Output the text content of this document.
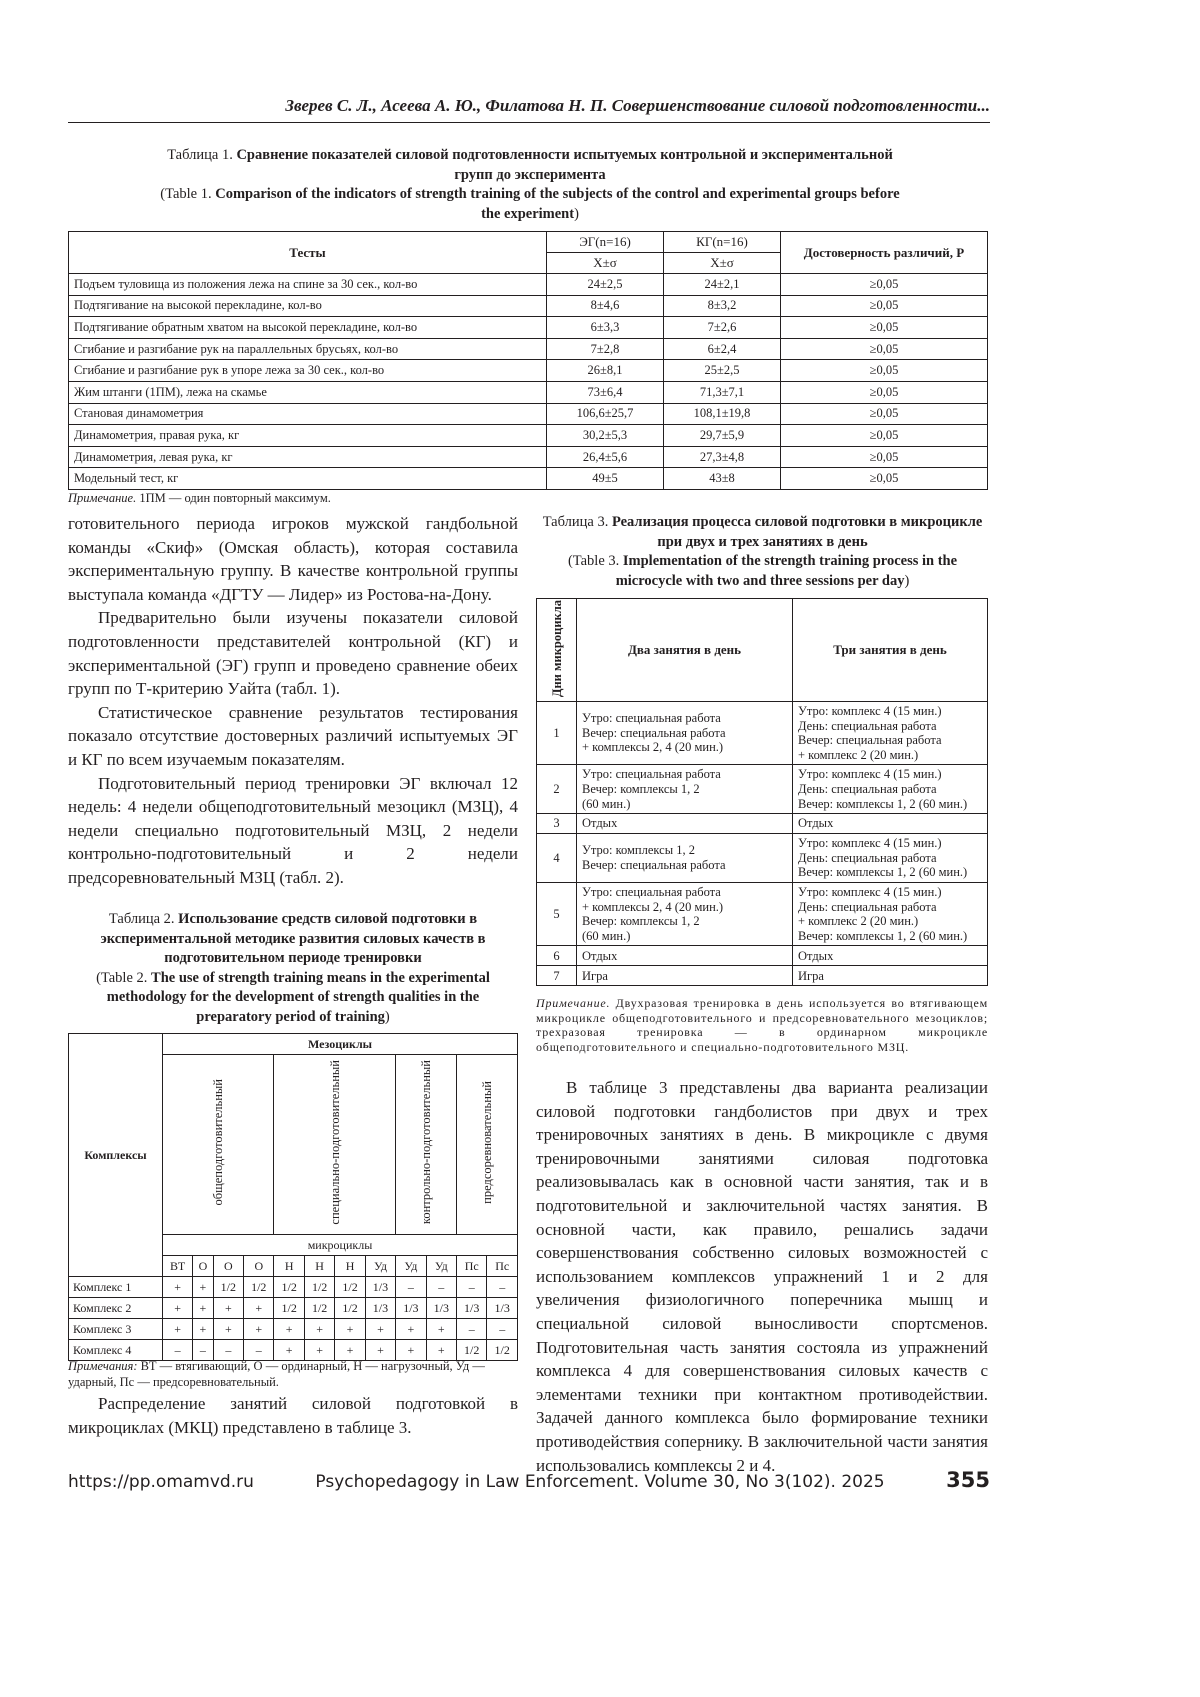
Зверев С. Л., Асеева А. Ю., Филатова Н. П. Совершенствование силовой подготовленности...
Таблица 1. Сравнение показателей силовой подготовленности испытуемых контрольной и экспериментальной групп до эксперимента
(Table 1. Comparison of the indicators of strength training of the subjects of the control and experimental groups before the experiment)
Тесты	ЭГ(n=16)	КГ(n=16)	Достоверность различий, Р
X±σ	X±σ
Подъем туловища из положения лежа на спине за 30 сек., кол-во	24±2,5	24±2,1	≥0,05
Подтягивание на высокой перекладине, кол-во	8±4,6	8±3,2	≥0,05
Подтягивание обратным хватом на высокой перекладине, кол-во	6±3,3	7±2,6	≥0,05
Сгибание и разгибание рук на параллельных брусьях, кол-во	7±2,8	6±2,4	≥0,05
Сгибание и разгибание рук в упоре лежа за 30 сек., кол-во	26±8,1	25±2,5	≥0,05
Жим штанги (1ПМ), лежа на скамье	73±6,4	71,3±7,1	≥0,05
Становая динамометрия	106,6±25,7	108,1±19,8	≥0,05
Динамометрия, правая рука, кг	30,2±5,3	29,7±5,9	≥0,05
Динамометрия, левая рука, кг	26,4±5,6	27,3±4,8	≥0,05
Модельный тест, кг	49±5	43±8	≥0,05
Примечание. 1ПМ — один повторный максимум.

готовительного периода игроков мужской гандбольной команды «Скиф» (Омская область), которая составила экспериментальную группу. В качестве контрольной группы выступала команда «ДГТУ — Лидер» из Ростова-на-Дону.

Предварительно были изучены показатели силовой подготовленности представителей контрольной (КГ) и экспериментальной (ЭГ) групп и проведено сравнение обеих групп по Т-критерию Уайта (табл. 1).

Статистическое сравнение результатов тестирования показало отсутствие достоверных различий испытуемых ЭГ и КГ по всем изучаемым показателям.

Подготовительный период тренировки ЭГ включал 12 недель: 4 недели общеподготовительный мезоцикл (МЗЦ), 4 недели специально подготовительный МЗЦ, 2 недели контрольно-подготовительный и 2 недели предсоревновательный МЗЦ (табл. 2).

Таблица 2. Использование средств силовой подготовки в экспериментальной методике развития силовых качеств в подготовительном периоде тренировки
(Table 2. The use of strength training means in the experimental methodology for the development of strength qualities in the preparatory period of training)
Комплексы	Мезоциклы
общеподготовительный	специально-подготовительный	контрольно-подготовительный	предсоревновательный
микроциклы
ВТ	О	О	О	Н	Н	Н	Уд	Уд	Уд	Пс	Пс
Комплекс 1	+	+	1/2	1/2	1/2	1/2	1/2	1/3	–	–	–	–
Комплекс 2	+	+	+	+	1/2	1/2	1/2	1/3	1/3	1/3	1/3	1/3
Комплекс 3	+	+	+	+	+	+	+	+	+	+	–	–
Комплекс 4	–	–	–	–	+	+	+	+	+	+	1/2	1/2
Примечания: ВТ — втягивающий, О — ординарный, Н — нагрузочный, Уд —ударный, Пс — предсоревновательный.
Распределение занятий силовой подготовкой в микроциклах (МКЦ) представлено в таблице 3.
Таблица 3. Реализация процесса силовой подготовки в микроцикле при двух и трех занятиях в день
(Table 3. Implementation of the strength training process in the microcycle with two and three sessions per day)
Дни микроцикла	Два занятия в день	Три занятия в день
1	
Утро: специальная работа
Вечер: специальная работа
+ комплексы 2, 4 (20 мин.)

Утро: комплекс 4 (15 мин.)
День: специальная работа
Вечер: специальная работа
+ комплекс 2 (20 мин.)

2	
Утро: специальная работа
Вечер: комплексы 1, 2
(60 мин.)

Утро: комплекс 4 (15 мин.)
День: специальная работа
Вечер: комплексы 1, 2 (60 мин.)

3	Отдых	Отдых

4	
Утро: комплексы 1, 2
Вечер: специальная работа

Утро: комплекс 4 (15 мин.)
День: специальная работа
Вечер: комплексы 1, 2 (60 мин.)

5	
Утро: специальная работа
+ комплексы 2, 4 (20 мин.)
Вечер: комплексы 1, 2
(60 мин.)

Утро: комплекс 4 (15 мин.)
День: специальная работа
+ комплекс 2 (20 мин.)
Вечер: комплексы 1, 2 (60 мин.)

6	Отдых	Отдых

7	Игра	Игра
Примечание. Двухразовая тренировка в день используется во втягивающем микроцикле общеподготовительного и предсоревновательного мезоциклов; трехразовая тренировка — в ординарном микроцикле общеподготовительного и специально-подготовительного МЗЦ.
В таблице 3 представлены два варианта реализации силовой подготовки гандболистов при двух и трех тренировочных занятиях в день. В микроцикле с двумя тренировочными занятиями силовая подготовка реализовывалась как в основной части занятия, так и в подготовительной и заключительной частях занятия. В основной части, как правило, решались задачи совершенствования собственно силовых возможностей с использованием комплексов упражнений 1 и 2 для увеличения физиологичного поперечника мышц и специальной силовой выносливости спортсменов. Подготовительная часть занятия состояла из упражнений комплекса 4 для совершенствования силовых качеств с элементами техники при контактном противодействии. Задачей данного комплекса было формирование техники противодействия сопернику. В заключительной части занятия использовались комплексы 2 и 4.
https://pp.omamvd.ru	Psychopedagogy in Law Enforcement. Volume 30, No 3(102). 2025	355
